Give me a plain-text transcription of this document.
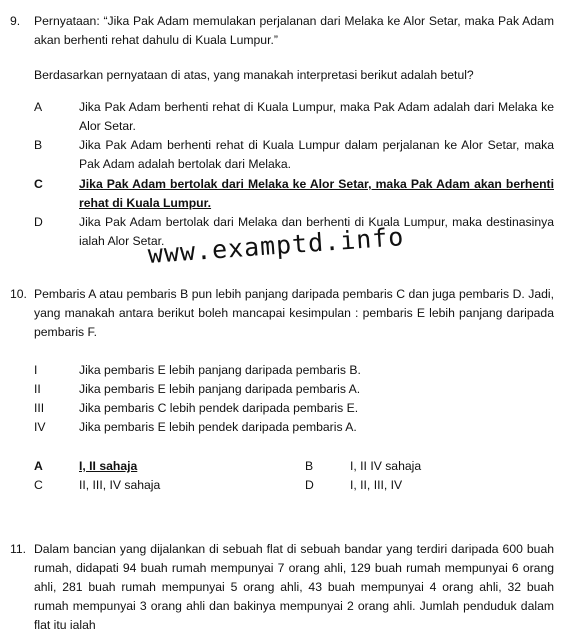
9. Pernyataan: “Jika Pak Adam memulakan perjalanan dari Melaka ke Alor Setar, maka Pak Adam akan berhenti rehat dahulu di Kuala Lumpur.”
Berdasarkan pernyataan di atas, yang manakah interpretasi berikut adalah betul?
A	Jika Pak Adam berhenti rehat di Kuala Lumpur, maka Pak Adam adalah dari Melaka ke Alor Setar.
B	Jika Pak Adam berhenti rehat di Kuala Lumpur dalam perjalanan ke Alor Setar, maka Pak Adam adalah bertolak dari Melaka.
C	Jika Pak Adam bertolak dari Melaka ke Alor Setar, maka Pak Adam akan berhenti rehat di Kuala Lumpur.
D	Jika Pak Adam bertolak dari Melaka dan berhenti di Kuala Lumpur, maka destinasinya ialah Alor Setar.
www.examptd.info
10. Pembaris A atau pembaris B pun lebih panjang daripada pembaris C dan juga pembaris D. Jadi, yang manakah antara berikut boleh mancapai kesimpulan : pembaris E lebih panjang daripada pembaris F.
I	Jika pembaris E lebih panjang daripada pembaris B.
II	Jika pembaris E lebih panjang daripada pembaris A.
III	Jika pembaris C lebih pendek daripada pembaris E.
IV	Jika pembaris E lebih pendek daripada pembaris A.
A	I, II sahaja	B	I, II IV sahaja
C	II, III, IV sahaja	D	I, II, III, IV
11. Dalam bancian yang dijalankan di sebuah flat di sebuah bandar yang terdiri daripada 600 buah rumah, didapati 94 buah rumah mempunyai 7 orang ahli, 129 buah rumah mempunyai 6 orang ahli, 281 buah rumah mempunyai 5 orang ahli, 43 buah mempunyai 4 orang ahli, 32 buah rumah mempunyai 3 orang ahli dan bakinya mempunyai 2 orang ahli. Jumlah penduduk dalam flat itu ialah
